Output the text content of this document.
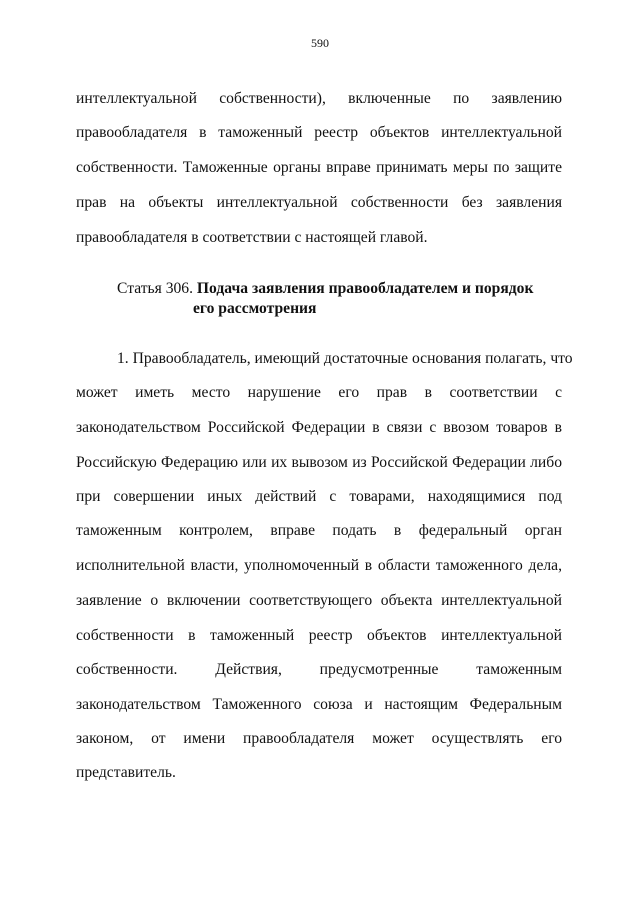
590
интеллектуальной собственности), включенные по заявлению
правообладателя в таможенный реестр объектов интеллектуальной
собственности. Таможенные органы вправе принимать меры по защите
прав на объекты интеллектуальной собственности без заявления
правообладателя в соответствии с настоящей главой.
Статья 306. Подача заявления правообладателем и порядок
его рассмотрения
1. Правообладатель, имеющий достаточные основания полагать, что
может иметь место нарушение его прав в соответствии с
законодательством Российской Федерации в связи с ввозом товаров в
Российскую Федерацию или их вывозом из Российской Федерации либо
при совершении иных действий с товарами, находящимися под
таможенным контролем, вправе подать в федеральный орган
исполнительной власти, уполномоченный в области таможенного дела,
заявление о включении соответствующего объекта интеллектуальной
собственности в таможенный реестр объектов интеллектуальной
собственности. Действия, предусмотренные таможенным
законодательством Таможенного союза и настоящим Федеральным
законом, от имени правообладателя может осуществлять его
представитель.
